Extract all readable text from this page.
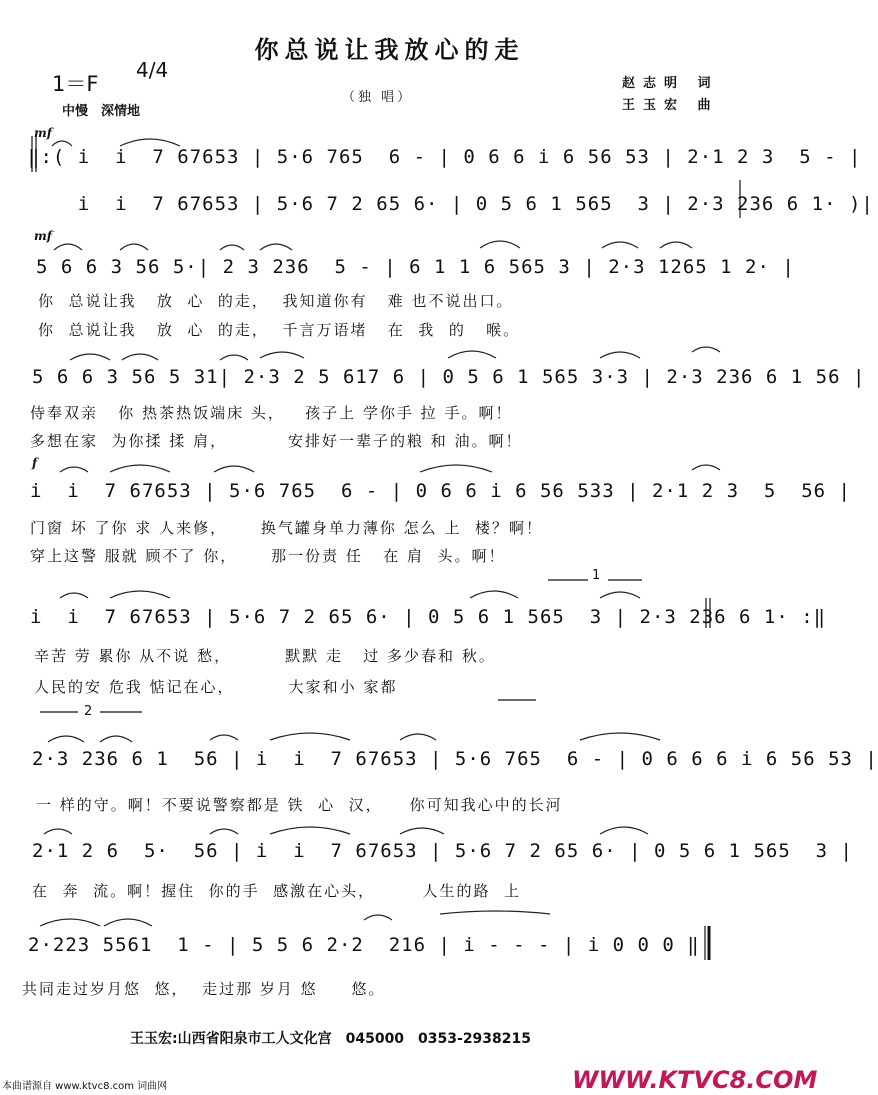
你总说让我放心的走
1＝F
4/4
中慢　深情地
（独 唱）
赵志明 词
王玉宏 曲
mf
‖:( i  i  7 67653 | 5·6 765  6 - | 0 6 6 i 6 56 53 | 2·1 2 3  5 - |
i  i  7 67653 | 5·6 7 2 65 6· | 0 5 6 1 565  3 | 2·3 236 6 1· )|
mf
5 6 6 3 56 5·| 2 3 236  5 - | 6 1 1 6 565 3 | 2·3 1265 1 2· |
你  总说让我   放  心  的走，  我知道你有   难 也不说出口。
你  总说让我   放  心  的走，  千言万语堵   在  我  的   喉。
5 6 6 3 56 5 31| 2·3 2 5 617 6 | 0 5 6 1 565 3·3 | 2·3 236 6 1 56 |
侍奉双亲   你 热茶热饭端床 头，   孩子上 学你手 拉 手。啊！
多想在家  为你揉 揉 肩，         安排好一辈子的粮 和 油。啊！
f
i  i  7 67653 | 5·6 765  6 - | 0 6 6 i 6 56 533 | 2·1 2 3  5  56 |
门窗 坏 了你 求 人来修，     换气罐身单力薄你 怎么 上  楼？啊！
穿上这警 服就 顾不了 你，     那一份责 任   在 肩  头。啊！
1
i  i  7 67653 | 5·6 7 2 65 6· | 0 5 6 1 565  3 | 2·3 236 6 1· :‖
辛苦 劳 累你 从不说 愁，        默默 走   过 多少春和 秋。
人民的安 危我 惦记在心，        大家和小 家都
2
2·3 236 6 1  56 | i  i  7 67653 | 5·6 765  6 - | 0 6 6 6 i 6 56 53 |
一 样的守。啊！不要说警察都是 铁  心  汉，    你可知我心中的长河
2·1 2 6  5·  56 | i  i  7 67653 | 5·6 7 2 65 6· | 0 5 6 1 565  3 |
在  奔  流。啊！握住  你的手  感激在心头，       人生的路  上
2·223 5561  1 - | 5 5 6 2·2  216 | i - - - | i 0 0 0 ‖
共同走过岁月悠  悠，  走过那 岁月 悠     悠。
王玉宏:山西省阳泉市工人文化宫　045000　0353-2938215
本曲谱源自 www.ktvc8.com 词曲网	WWW.KTVC8.COM
